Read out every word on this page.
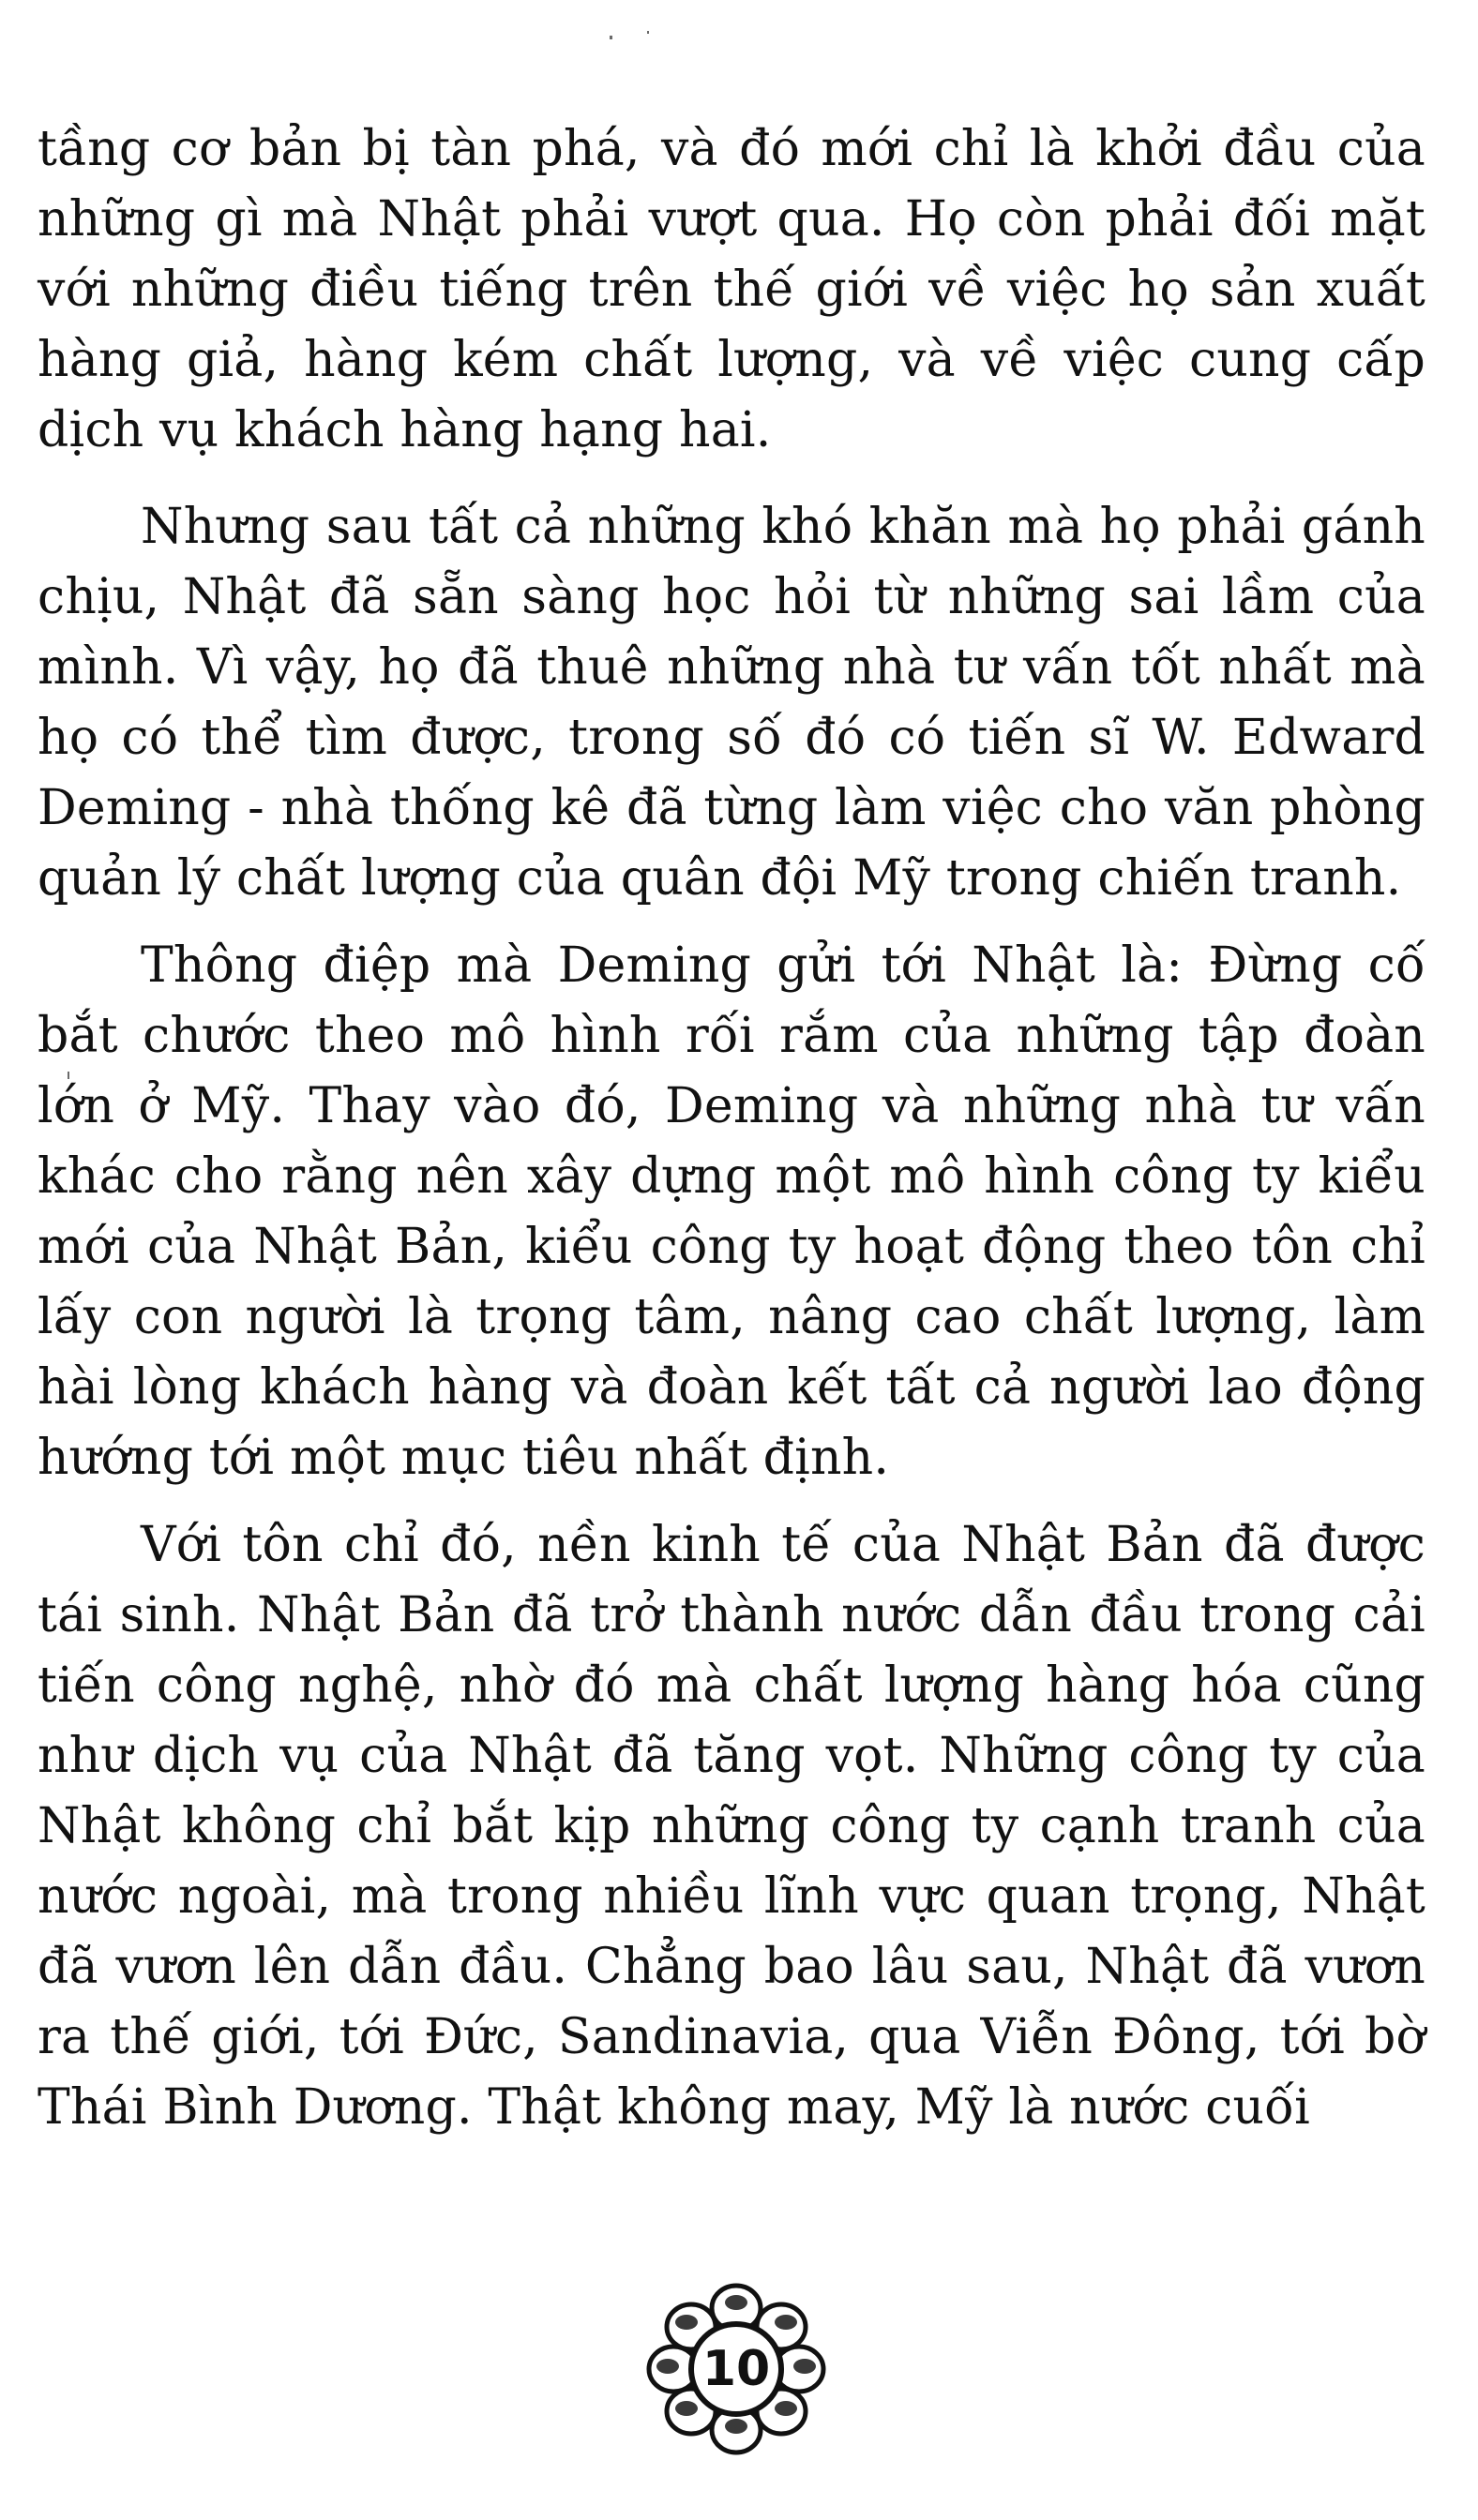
tầng cơ bản bị tàn phá, và đó mới chỉ là khởi đầu của những gì mà Nhật phải vượt qua. Họ còn phải đối mặt với những điều tiếng trên thế giới về việc họ sản xuất hàng giả, hàng kém chất lượng, và về việc cung cấp dịch vụ khách hàng hạng hai.

Nhưng sau tất cả những khó khăn mà họ phải gánh chịu, Nhật đã sẵn sàng học hỏi từ những sai lầm của mình. Vì vậy, họ đã thuê những nhà tư vấn tốt nhất mà họ có thể tìm được, trong số đó có tiến sĩ W. Edward Deming - nhà thống kê đã từng làm việc cho văn phòng quản lý chất lượng của quân đội Mỹ trong chiến tranh.

Thông điệp mà Deming gửi tới Nhật là: Đừng cố bắt chước theo mô hình rối rắm của những tập đoàn lớn ở Mỹ. Thay vào đó, Deming và những nhà tư vấn khác cho rằng nên xây dựng một mô hình công ty kiểu mới của Nhật Bản, kiểu công ty hoạt động theo tôn chỉ lấy con người là trọng tâm, nâng cao chất lượng, làm hài lòng khách hàng và đoàn kết tất cả người lao động hướng tới một mục tiêu nhất định.

Với tôn chỉ đó, nền kinh tế của Nhật Bản đã được tái sinh. Nhật Bản đã trở thành nước dẫn đầu trong cải tiến công nghệ, nhờ đó mà chất lượng hàng hóa cũng như dịch vụ của Nhật đã tăng vọt. Những công ty của Nhật không chỉ bắt kịp những công ty cạnh tranh của nước ngoài, mà trong nhiều lĩnh vực quan trọng, Nhật đã vươn lên dẫn đầu. Chẳng bao lâu sau, Nhật đã vươn ra thế giới, tới Đức, Sandinavia, qua Viễn Đông, tới bờ Thái Bình Dương. Thật không may, Mỹ là nước cuối

10
